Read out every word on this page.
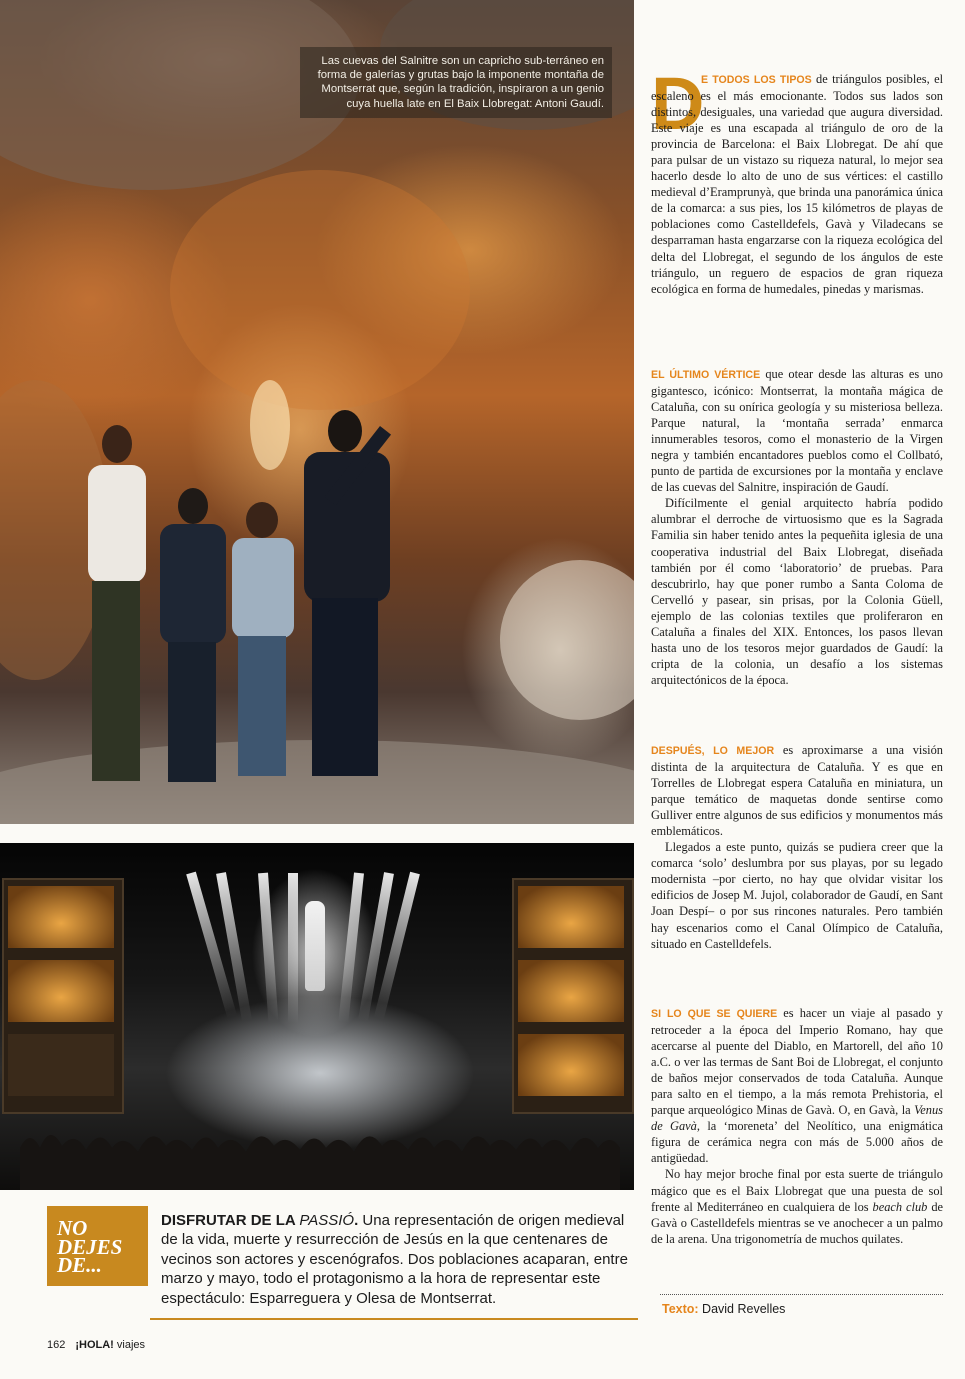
Las cuevas del Salnitre son un capricho sub-terráneo en forma de galerías y grutas bajo la imponente montaña de Montserrat que, según la tradición, inspiraron a un genio cuya huella late en El Baix Llobregat: Antoni Gaudí. D

E TODOS LOS TIPOS de triángulos posibles, el escaleno es el más emocionante. Todos sus lados son distintos, desiguales, una variedad que augura diversidad. Este viaje es una escapada al triángulo de oro de la provincia de Barcelona: el Baix Llobregat. De ahí que para pulsar de un vistazo su riqueza natural, lo mejor sea hacerlo desde lo alto de uno de sus vértices: el castillo medieval d’Eramprunyà, que brinda una panorámica única de la comarca: a sus pies, los 15 kilómetros de playas de poblaciones como Castelldefels, Gavà y Viladecans se desparraman hasta engarzarse con la riqueza ecológica del delta del Llobregat, el segundo de los ángulos de este triángulo, un reguero de espacios de gran riqueza ecológica en forma de humedales, pinedas y marismas.

EL ÚLTIMO VÉRTICE que otear desde las alturas es uno gigantesco, icónico: Montserrat, la montaña mágica de Cataluña, con su onírica geología y su misteriosa belleza. Parque natural, la ‘montaña serrada’ enmarca innumerables tesoros, como el monasterio de la Virgen negra y también encantadores pueblos como el Collbató, punto de partida de excursiones por la montaña y enclave de las cuevas del Salnitre, inspiración de Gaudí.

Difícilmente el genial arquitecto habría podido alumbrar el derroche de virtuosismo que es la Sagrada Familia sin haber tenido antes la pequeñita iglesia de una cooperativa industrial del Baix Llobregat, diseñada también por él como ‘laboratorio’ de pruebas. Para descubrirlo, hay que poner rumbo a Santa Coloma de Cervelló y pasear, sin prisas, por la Colonia Güell, ejemplo de las colonias textiles que proliferaron en Cataluña a finales del XIX. Entonces, los pasos llevan hasta uno de los tesoros mejor guardados de Gaudí: la cripta de la colonia, un desafío a los sistemas arquitectónicos de la época.

DESPUÉS, LO MEJOR es aproximarse a una visión distinta de la arquitectura de Cataluña. Y es que en Torrelles de Llobregat espera Cataluña en miniatura, un parque temático de maquetas donde sentirse como Gulliver entre algunos de sus edificios y monumentos más emblemáticos.

Llegados a este punto, quizás se pudiera creer que la comarca ‘solo’ deslumbra por sus playas, por su legado modernista –por cierto, no hay que olvidar visitar los edificios de Josep M. Jujol, colaborador de Gaudí, en Sant Joan Despí– o por sus rincones naturales. Pero también hay escenarios como el Canal Olímpico de Cataluña, situado en Castelldefels.

SI LO QUE SE QUIERE es hacer un viaje al pasado y retroceder a la época del Imperio Romano, hay que acercarse al puente del Diablo, en Martorell, del año 10 a.C. o ver las termas de Sant Boi de Llobregat, el conjunto de baños mejor conservados de toda Cataluña. Aunque para salto en el tiempo, a la más remota Prehistoria, el parque arqueológico Minas de Gavà. O, en Gavà, la Venus de Gavà, la ‘moreneta’ del Neolítico, una enigmática figura de cerámica negra con más de 5.000 años de antigüedad.

No hay mejor broche final por esta suerte de triángulo mágico que es el Baix Llobregat que una puesta de sol frente al Mediterráneo en cualquiera de los beach club de Gavà o Castelldefels mientras se ve anochecer a un palmo de la arena. Una trigonometría de muchos quilates.

Texto: David Revelles
NO
DEJES
DE...
DISFRUTAR DE LA PASSIÓ. Una representación de origen medieval de la vida, muerte y resurrección de Jesús en la que centenares de vecinos son actores y escenógrafos. Dos poblaciones acaparan, entre marzo y mayo, todo el protagonismo a la hora de representar este espectáculo: Esparreguera y Olesa de Montserrat.
162 ¡HOLA! viajes
